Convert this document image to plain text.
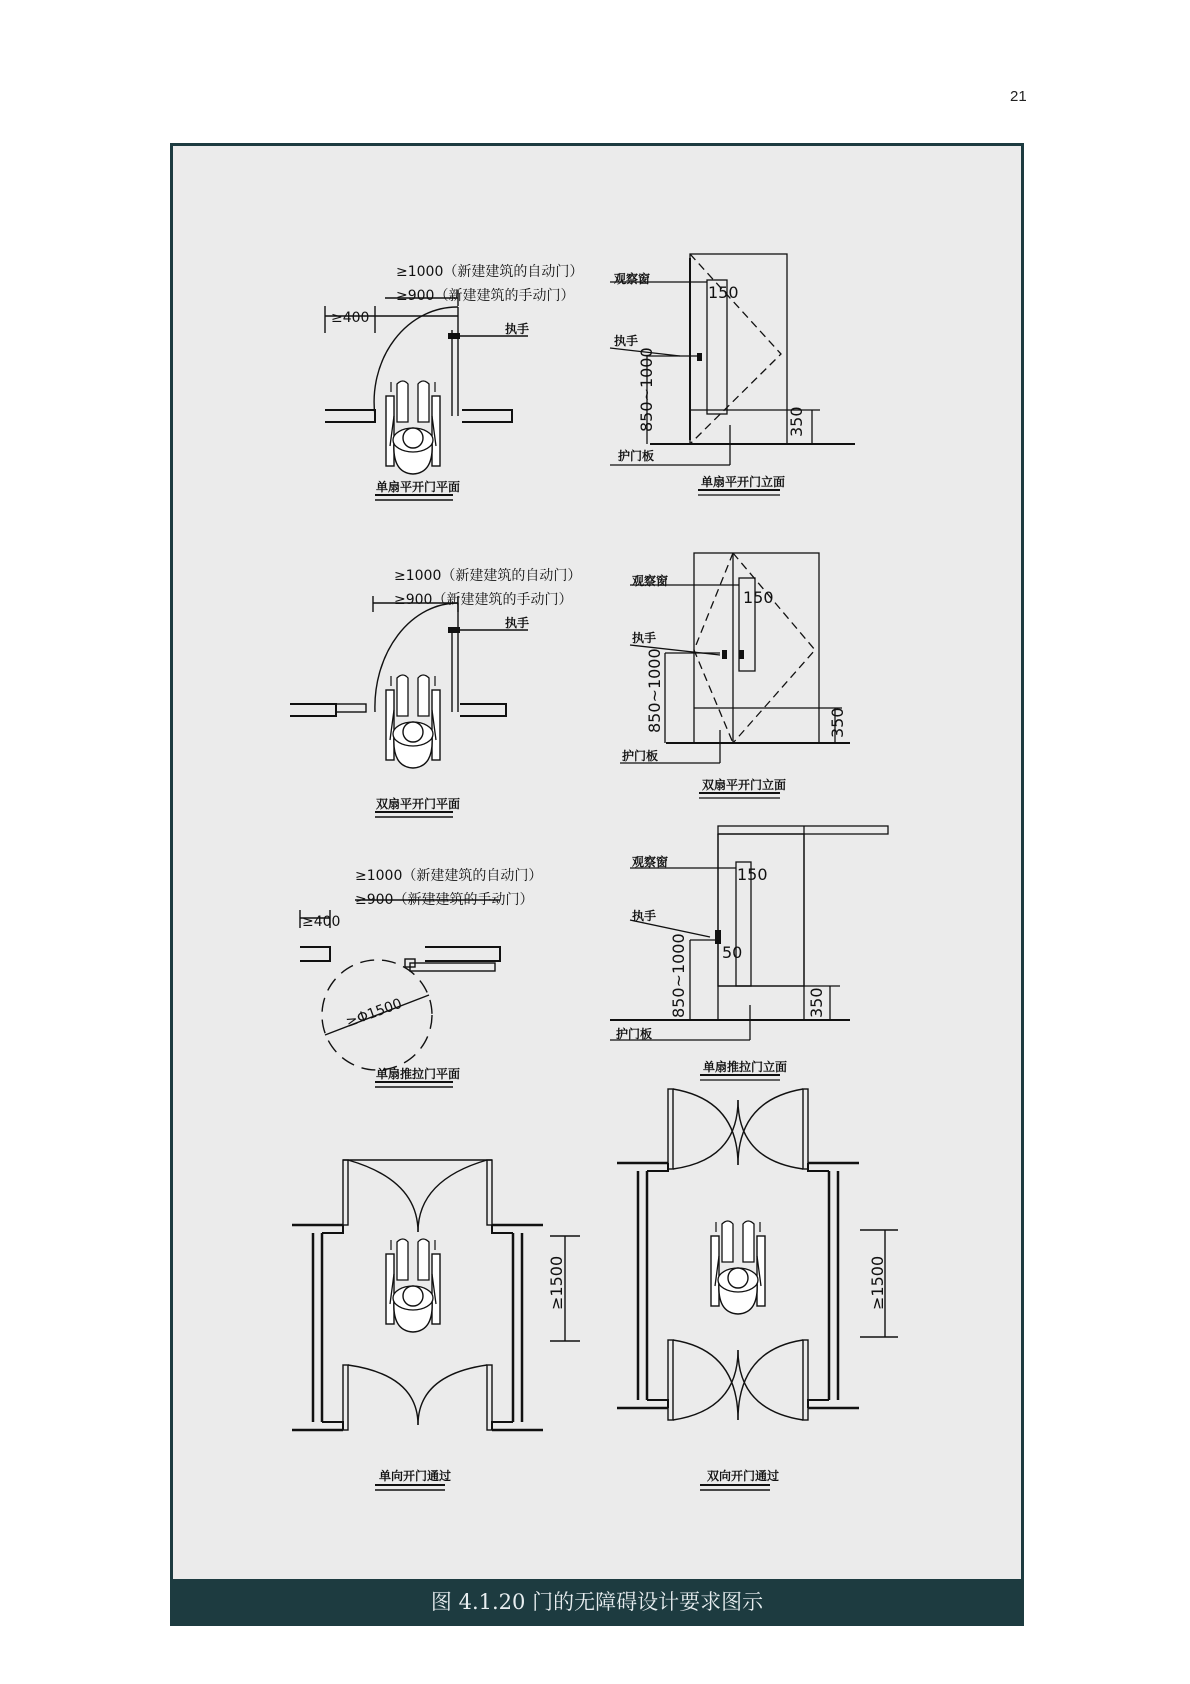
21
图 4.1.20 门的无障碍设计要求图示
≥1000（新建建筑的自动门）
≥900（新建建筑的手动门）
≥400
执手
单扇平开门平面
观察窗
执手
护门板
150
850~1000	350
单扇平开门立面
≥1000（新建建筑的自动门）
≥900（新建建筑的手动门）
执手
双扇平开门平面
观察窗
执手
护门板
150
850~1000	350
双扇平开门立面
≥1000（新建建筑的自动门）
≥900（新建建筑的手动门）
≥400
≥Φ1500
单扇推拉门平面
观察窗
执手
护门板
150
50
850~1000	350
单扇推拉门立面
≥1500
单向开门通过
≥1500
双向开门通过
